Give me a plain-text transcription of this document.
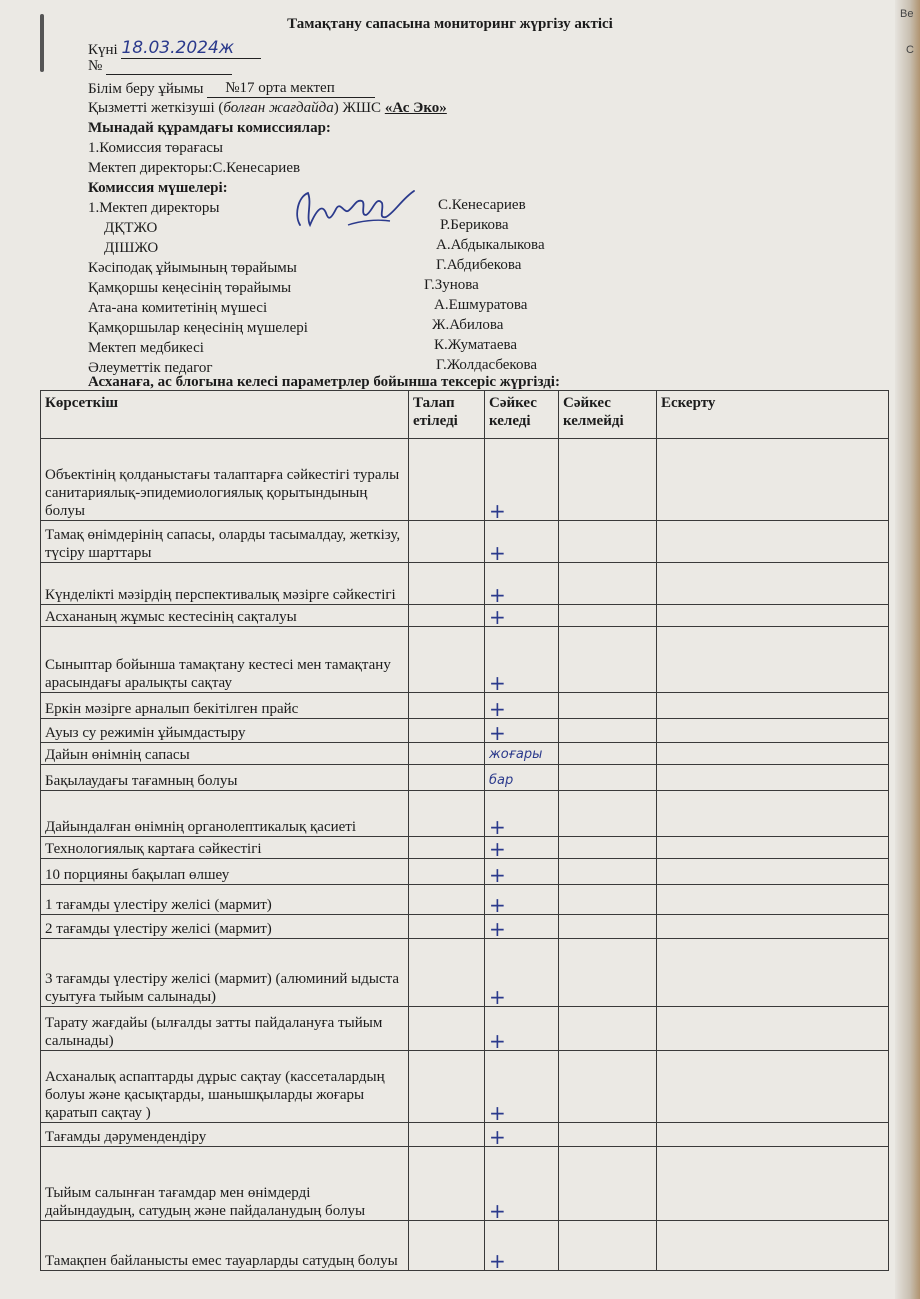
Be
C
Тамақтану сапасына мониторинг жүргізу актісі
Күні 18.03.2024ж
№
Білім беру ұйымы №17 орта мектеп
Қызметті жеткізуші (болған жағдайда) ЖШС «Ас Эко»
Мынадай құрамдағы комиссиялар:
1.Комиссия төрағасы
Мектеп директоры:С.Кенесариев
Комиссия мүшелері:
1.Мектеп директоры	С.Кенесариев
ДҚТЖО	Р.Берикова
ДІШЖО	А.Абдыкалыкова
Кәсіподақ ұйымының төрайымы	Г.Абдибекова
Қамқоршы кеңесінің төрайымы	Г.Зунова
Ата-ана комитетінің мүшесі	А.Ешмуратова
Қамқоршылар кеңесінің мүшелері	Ж.Абилова
Мектеп медбикесі	К.Жуматаева
Әлеуметтік педагог	Г.Жолдасбекова
Асханаға, ас блогына келесі параметрлер бойынша тексеріс жүргізді:
Көрсеткіш	Талап етіледі	Сәйкес келеді	Сәйкес келмейді	Ескерту
Объектінің қолданыстағы талаптарға сәйкестігі туралы санитариялық-эпидемиологиялық қорытындының болуы		+		
Тамақ өнімдерінің сапасы, оларды тасымалдау, жеткізу, түсіру шарттары		+		
Күнделікті мәзірдің перспективалық мәзірге сәйкестігі		+		
Асхананың жұмыс кестесінің сақталуы		+		
Сыныптар бойынша тамақтану кестесі мен тамақтану арасындағы аралықты сақтау		+		
Еркін мәзірге арналып бекітілген прайс		+		
Ауыз су режимін ұйымдастыру		+		
Дайын өнімнің сапасы		жоғары		
Бақылаудағы тағамның болуы		бар		
Дайындалған өнімнің органолептикалық қасиеті		+		
Технологиялық картаға сәйкестігі		+		
10 порцияны бақылап өлшеу		+		
1 тағамды үлестіру желісі (мармит)		+		
2 тағамды үлестіру желісі (мармит)		+		
3 тағамды үлестіру желісі (мармит) (алюминий ыдыста суытуға тыйым салынады)		+		
Тарату жағдайы (ылғалды затты пайдалануға тыйым салынады)		+		
Асханалық аспаптарды дұрыс сақтау (кассеталардың болуы және қасықтарды, шанышқыларды жоғары қаратып сақтау )		+		
Тағамды дәрумендендіру		+		
Тыйым салынған тағамдар мен өнімдерді дайындаудың, сатудың және пайдаланудың болуы		+		
Тамақпен байланысты емес тауарларды сатудың болуы		+		
